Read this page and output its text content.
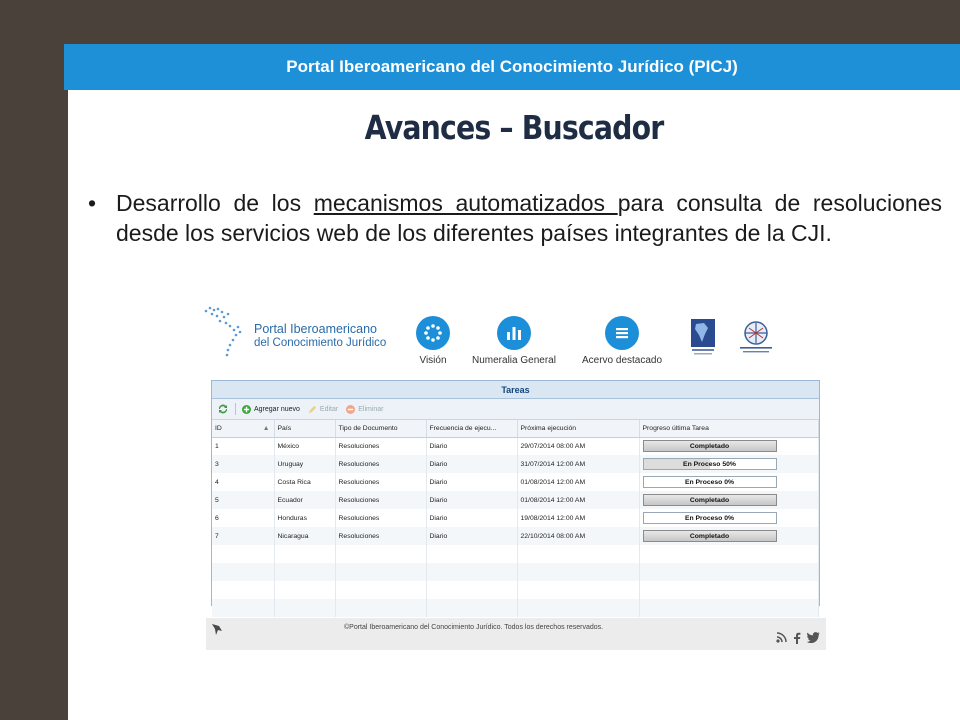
Portal Iberoamericano del Conocimiento Jurídico (PICJ)
Avances – Buscador
• Desarrollo de los mecanismos automatizados para consulta de resoluciones desde los servicios web de los diferentes países integrantes de la CJI.
Portal Iberoamericano
del Conocimiento Jurídico
Visión	Numeralia General	Acervo destacado
Tareas
Agregar nuevo	Editar	Eliminar
ID ▲	País	Tipo de Documento	Frecuencia de ejecu...	Próxima ejecución	Progreso última Tarea
1	México	Resoluciones	Diario	29/07/2014 08:00 AM	Completado

3	Uruguay	Resoluciones	Diario	31/07/2014 12:00 AM	En Proceso 50%

4	Costa Rica	Resoluciones	Diario	01/08/2014 12:00 AM	En Proceso 0%

5	Ecuador	Resoluciones	Diario	01/08/2014 12:00 AM	Completado

6	Honduras	Resoluciones	Diario	19/08/2014 12:00 AM	En Proceso 0%

7	Nicaragua	Resoluciones	Diario	22/10/2014 08:00 AM	Completado

©Portal Iberoamericano del Conocimiento Jurídico. Todos los derechos reservados.
